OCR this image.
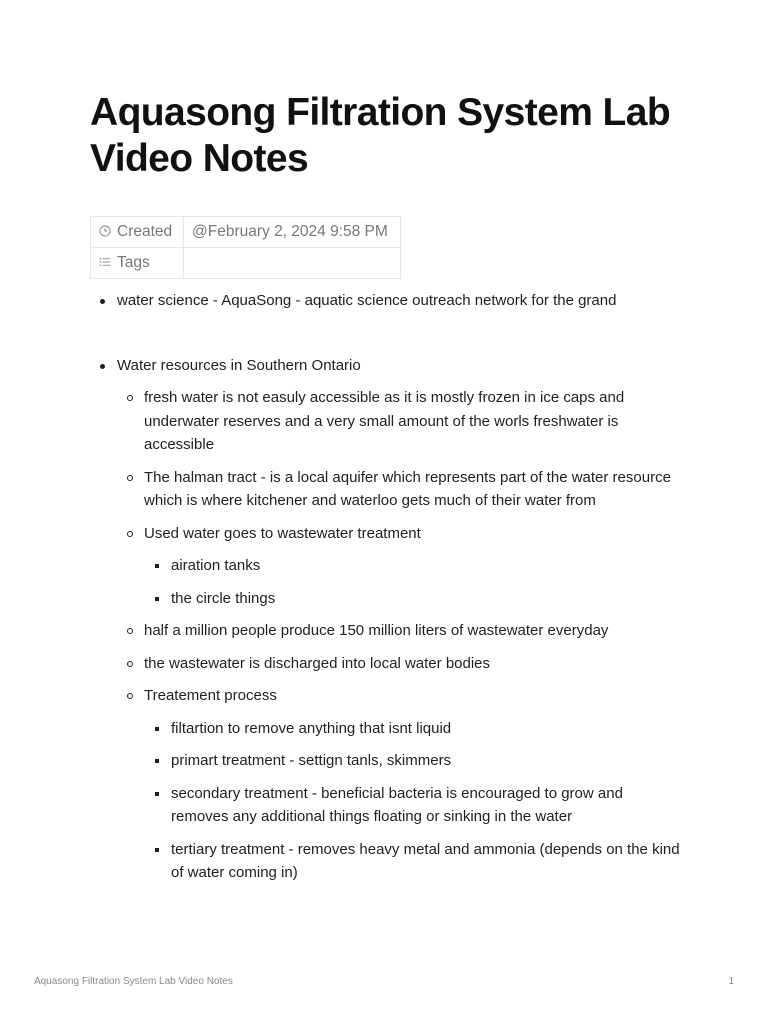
Aquasong Filtration System Lab Video Notes
Created	@February 2, 2024 9:58 PM
Tags	
water science - AquaSong - aquatic science outreach network for the grand
Water resources in Southern Ontario
fresh water is not easuly accessible as it is mostly frozen in ice caps and underwater reserves and a very small amount of the worls freshwater is accessible
The halman tract - is a local aquifer which represents part of the water resource which is where kitchener and waterloo gets much of their water from
Used water goes to wastewater treatment
airation tanks
the circle things
half a million people produce 150 million liters of wastewater everyday
the wastewater is discharged into local water bodies
Treatement process
filtartion to remove anything that isnt liquid
primart treatment - settign tanls, skimmers
secondary treatment - beneficial bacteria is encouraged to grow and removes any additional things floating or sinking in the water
tertiary treatment - removes heavy metal and ammonia (depends on the kind of water coming in)
Aquasong Filtration System Lab Video Notes	1
